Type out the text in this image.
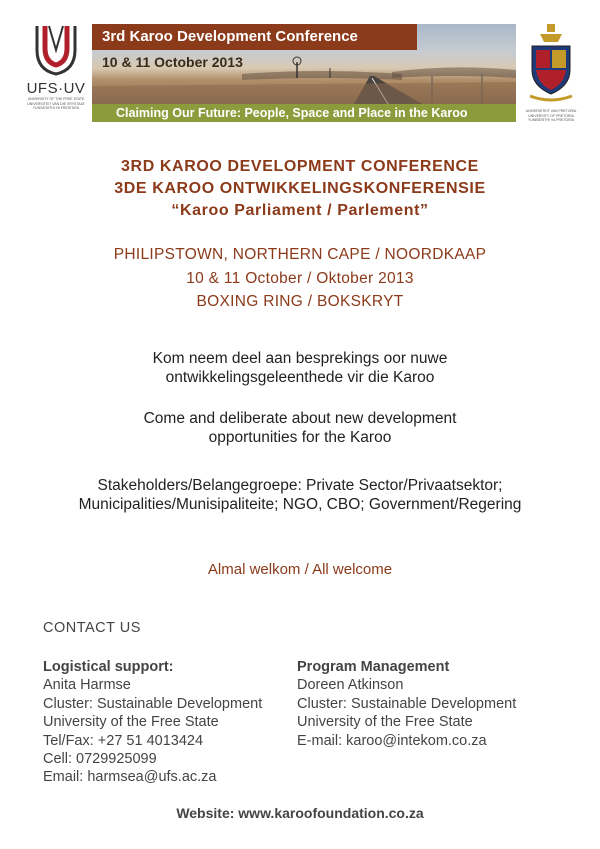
UFS·UV
UNIVERSITY OF THE FREE STATE
UNIVERSITEIT VAN DIE VRYSTAAT
YUNIVESITHI YA FREISTATA
3rd Karoo Development Conference
10 & 11 October 2013
Claiming Our Future: People, Space and Place in the Karoo	UNIVERSITEIT VAN PRETORIA
UNIVERSITY OF PRETORIA
YUNIBESITHI YA PRETORIA
3RD KAROO DEVELOPMENT CONFERENCE
3DE KAROO ONTWIKKELINGSKONFERENSIE
“Karoo Parliament / Parlement”
PHILIPSTOWN, NORTHERN CAPE / NOORDKAAP
10 & 11 October / Oktober 2013
BOXING RING / BOKSKRYT
Kom neem deel aan besprekings oor nuwe
ontwikkelingsgeleenthede vir die Karoo
Come and deliberate about new development
opportunities for the Karoo
Stakeholders/Belangegroepe: Private Sector/Privaatsektor;
Municipalities/Munisipaliteite; NGO, CBO; Government/Regering
Almal welkom / All welcome
CONTACT US
Logistical support:
Anita Harmse
Cluster: Sustainable Development
University of the Free State
Tel/Fax: +27 51 4013424
Cell: 0729925099
Email: harmsea@ufs.ac.za
Program Management
Doreen Atkinson
Cluster: Sustainable Development
University of the Free State
E-mail: karoo@intekom.co.za
Website: www.karoofoundation.co.za
